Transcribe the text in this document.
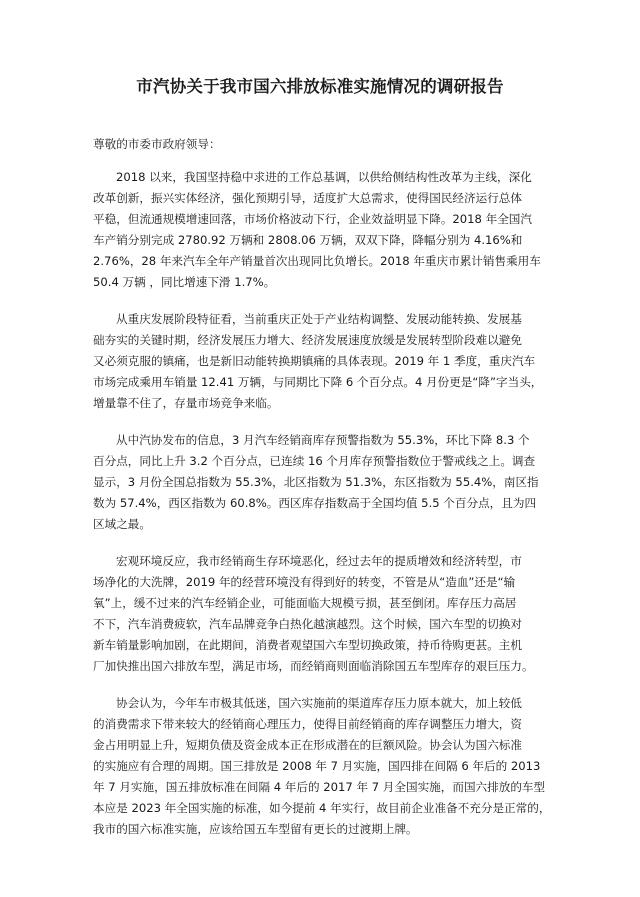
市汽协关于我市国六排放标准实施情况的调研报告

尊敬的市委市政府领导：

2018 以来，我国坚持稳中求进的工作总基调，以供给侧结构性改革为主线，深化
改革创新，振兴实体经济，强化预期引导，适度扩大总需求，使得国民经济运行总体
平稳，但流通规模增速回落，市场价格波动下行，企业效益明显下降。2018 年全国汽
车产销分别完成 2780.92 万辆和 2808.06 万辆，双双下降，降幅分别为 4.16%和
2.76%，28 年来汽车全年产销量首次出现同比负增长。2018 年重庆市累计销售乘用车
50.4 万辆 ，同比增速下滑 1.7%。
从重庆发展阶段特征看，当前重庆正处于产业结构调整、发展动能转换、发展基
础夯实的关键时期，经济发展压力增大、经济发展速度放缓是发展转型阶段难以避免
又必须克服的镇痛，也是新旧动能转换期镇痛的具体表现。2019 年 1 季度，重庆汽车
市场完成乘用车销量 12.41 万辆，与同期比下降 6 个百分点。4 月份更是“降”字当头，
增量靠不住了，存量市场竞争来临。
从中汽协发布的信息，3 月汽车经销商库存预警指数为 55.3%，环比下降 8.3 个
百分点，同比上升 3.2 个百分点，已连续 16 个月库存预警指数位于警戒线之上。调查
显示，3 月份全国总指数为 55.3%，北区指数为 51.3%，东区指数为 55.4%，南区指
数为 57.4%，西区指数为 60.8%。西区库存指数高于全国均值 5.5 个百分点，且为四
区域之最。
宏观环境反应，我市经销商生存环境恶化，经过去年的提质增效和经济转型，市
场净化的大洗牌，2019 年的经营环境没有得到好的转变，不管是从“造血”还是“输
氧”上，缓不过来的汽车经销企业，可能面临大规模亏损，甚至倒闭。库存压力高居
不下，汽车消费疲软，汽车品牌竞争白热化越演越烈。这个时候，国六车型的切换对
新车销量影响加剧，在此期间，消费者观望国六车型切换政策，持币待购更甚。主机
厂加快推出国六排放车型，满足市场，而经销商则面临消除国五车型库存的艰巨压力。
协会认为，今年车市极其低迷，国六实施前的渠道库存压力原本就大，加上较低
的消费需求下带来较大的经销商心理压力，使得目前经销商的库存调整压力增大，资
金占用明显上升，短期负债及资金成本正在形成潜在的巨额风险。协会认为国六标准
的实施应有合理的周期。国三排放是 2008 年 7 月实施，国四排在间隔 6 年后的 2013
年 7 月实施，国五排放标准在间隔 4 年后的 2017 年 7 月全国实施，而国六排放的车型
本应是 2023 年全国实施的标准，如今提前 4 年实行，故目前企业准备不充分是正常的，
我市的国六标准实施，应该给国五车型留有更长的过渡期上牌。
